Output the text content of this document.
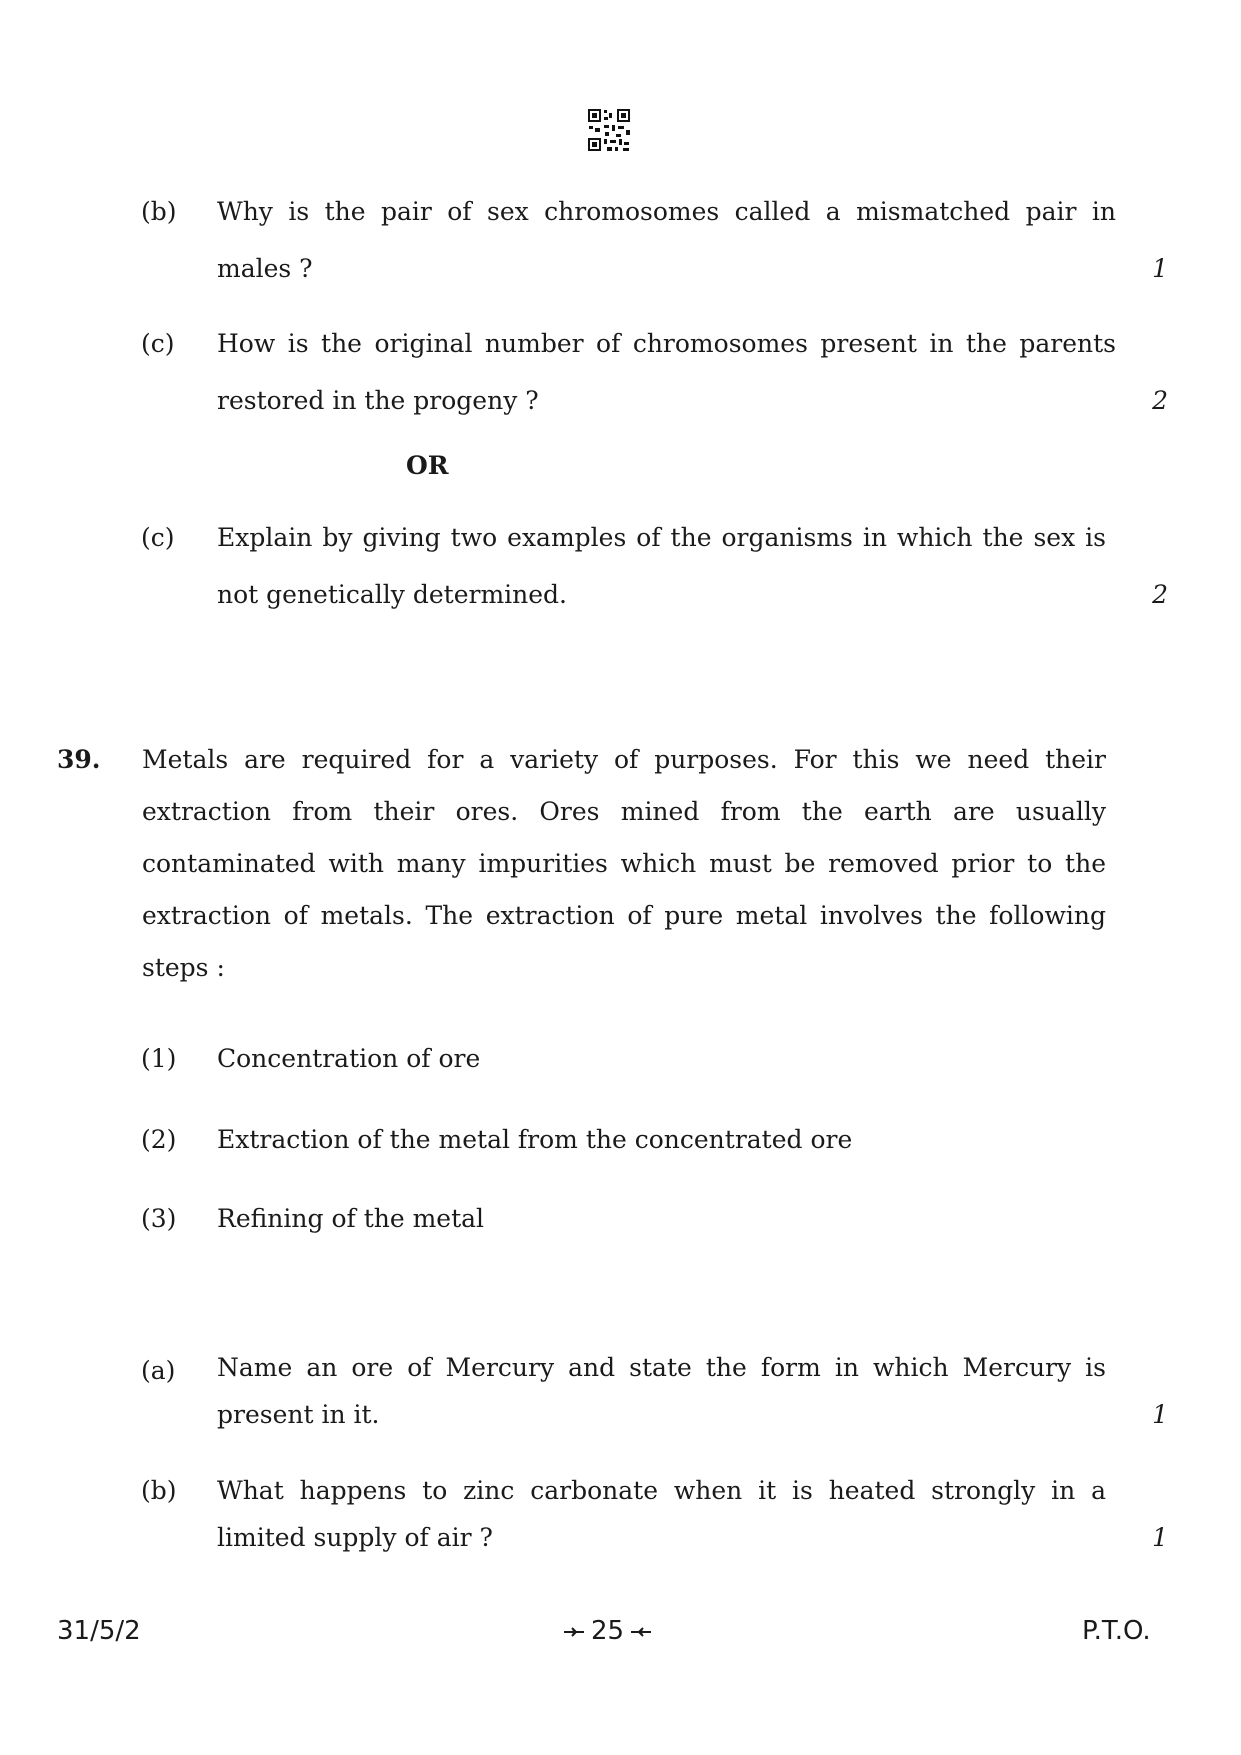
(b)	Why is the pair of sex chromosomes called a mismatched pair in
males ?	1
(c)	How is the original number of chromosomes present in the parents
restored in the progeny ?	2
OR
(c)	Explain by giving two examples of the organisms in which the sex is
not genetically determined.	2
39. Metals are required for a variety of purposes. For this we need their
extraction from their ores. Ores mined from the earth are usually
contaminated with many impurities which must be removed prior to the
extraction of metals. The extraction of pure metal involves the following
steps :
(1)	Concentration of ore
(2)	Extraction of the metal from the concentrated ore
(3)	Refining of the metal
(a)	Name an ore of Mercury and state the form in which Mercury is
present in it.	1
(b)	What happens to zinc carbonate when it is heated strongly in a
limited supply of air ?	1
31/5/2	25	P.T.O.
